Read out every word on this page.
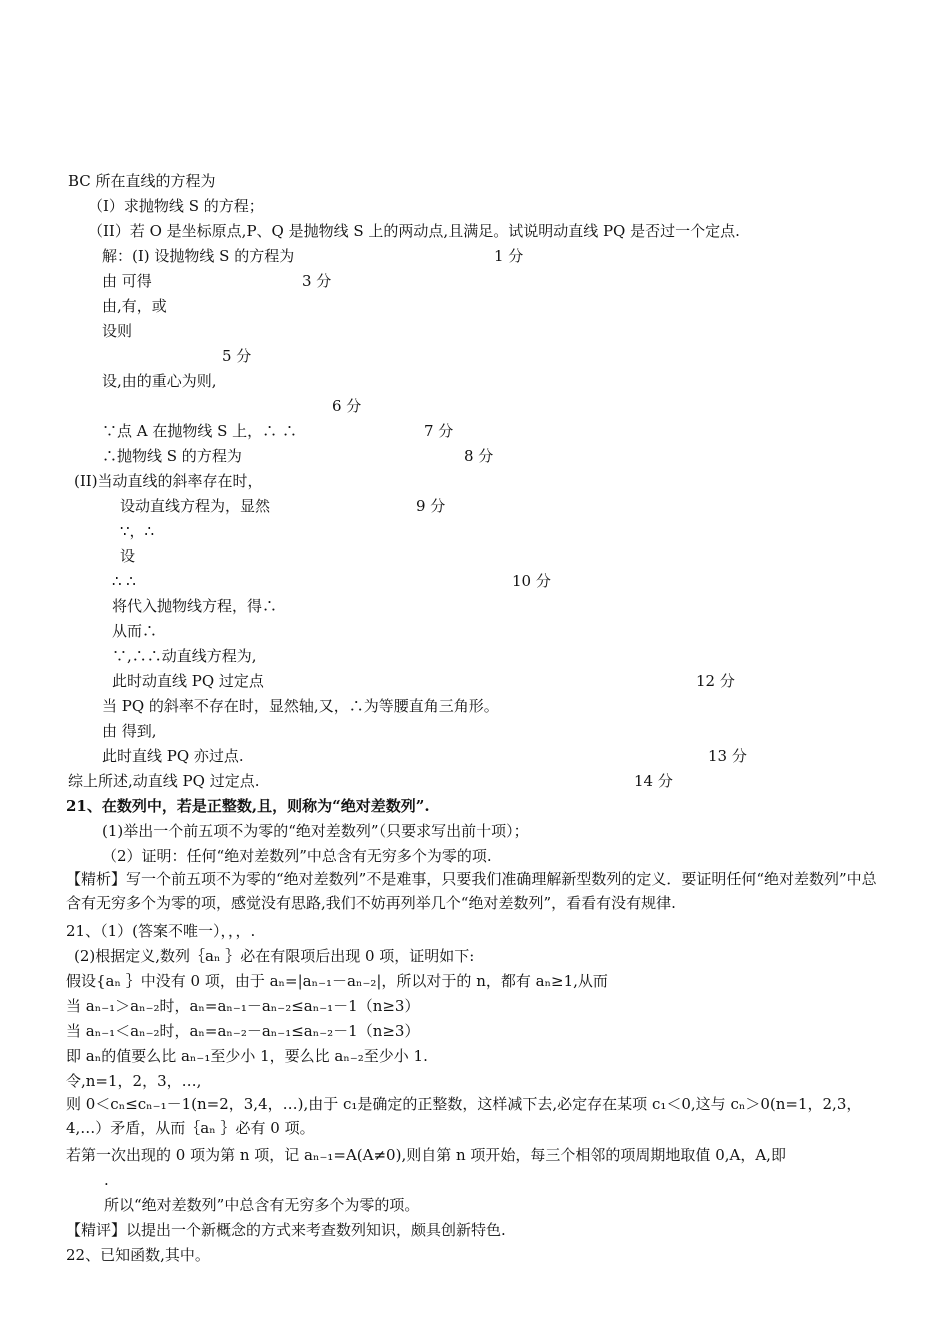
BC 所在直线的方程为
（I）求抛物线 S 的方程；
（II）若 O 是坐标原点,P、Q 是抛物线 S 上的两动点,且满足。试说明动直线 PQ 是否过一个定点.
解：(I) 设抛物线 S 的方程为	1 分
由 可得	3 分
由,有，或
设则
5 分
设,由的重心为则,
6 分
∵点 A 在抛物线 S 上，∴ ∴	7 分
∴抛物线 S 的方程为	8 分
(II)当动直线的斜率存在时，
设动直线方程为，显然	9 分
∵，∴
设
∴ ∴	10 分
将代入抛物线方程，得∴
从而∴
∵,∴∴动直线方程为,
此时动直线 PQ 过定点	12 分
当 PQ 的斜率不存在时，显然轴,又，∴为等腰直角三角形。
由 得到,
此时直线 PQ 亦过点.	13 分
综上所述,动直线 PQ 过定点.	14 分
21、在数列中，若是正整数,且，则称为“绝对差数列”.
(1)举出一个前五项不为零的“绝对差数列”（只要求写出前十项）；
（2）证明：任何“绝对差数列”中总含有无穷多个为零的项.
【精析】写一个前五项不为零的“绝对差数列”不是难事，只要我们准确理解新型数列的定义．要证明任何“绝对差数列”中总含有无穷多个为零的项，感觉没有思路,我们不妨再列举几个“绝对差数列”，看看有没有规律.
21、（1）(答案不唯一），，，.
(2)根据定义,数列｛aₙ ｝必在有限项后出现 0 项，证明如下:
假设{aₙ ｝中没有 0 项，由于 aₙ=|aₙ₋₁－aₙ₋₂|，所以对于的 n，都有 aₙ≥1,从而
当 aₙ₋₁＞aₙ₋₂时，aₙ=aₙ₋₁－aₙ₋₂≤aₙ₋₁－1（n≥3）
当 aₙ₋₁＜aₙ₋₂时，aₙ=aₙ₋₂－aₙ₋₁≤aₙ₋₂－1（n≥3）
即 aₙ的值要么比 aₙ₋₁至少小 1，要么比 aₙ₋₂至少小 1.
令,n=1，2，3，…,
则 0＜cₙ≤cₙ₋₁－1(n=2，3,4，…),由于 c₁是确定的正整数，这样减下去,必定存在某项 c₁＜0,这与 cₙ＞0(n=1，2,3，4,…）矛盾，从而｛aₙ ｝必有 0 项。
若第一次出现的 0 项为第 n 项，记 aₙ₋₁=A(A≠0),则自第 n 项开始，每三个相邻的项周期地取值 0,A，A,即
.
所以“绝对差数列”中总含有无穷多个为零的项。
【精评】以提出一个新概念的方式来考查数列知识，颇具创新特色.
22、已知函数,其中。
